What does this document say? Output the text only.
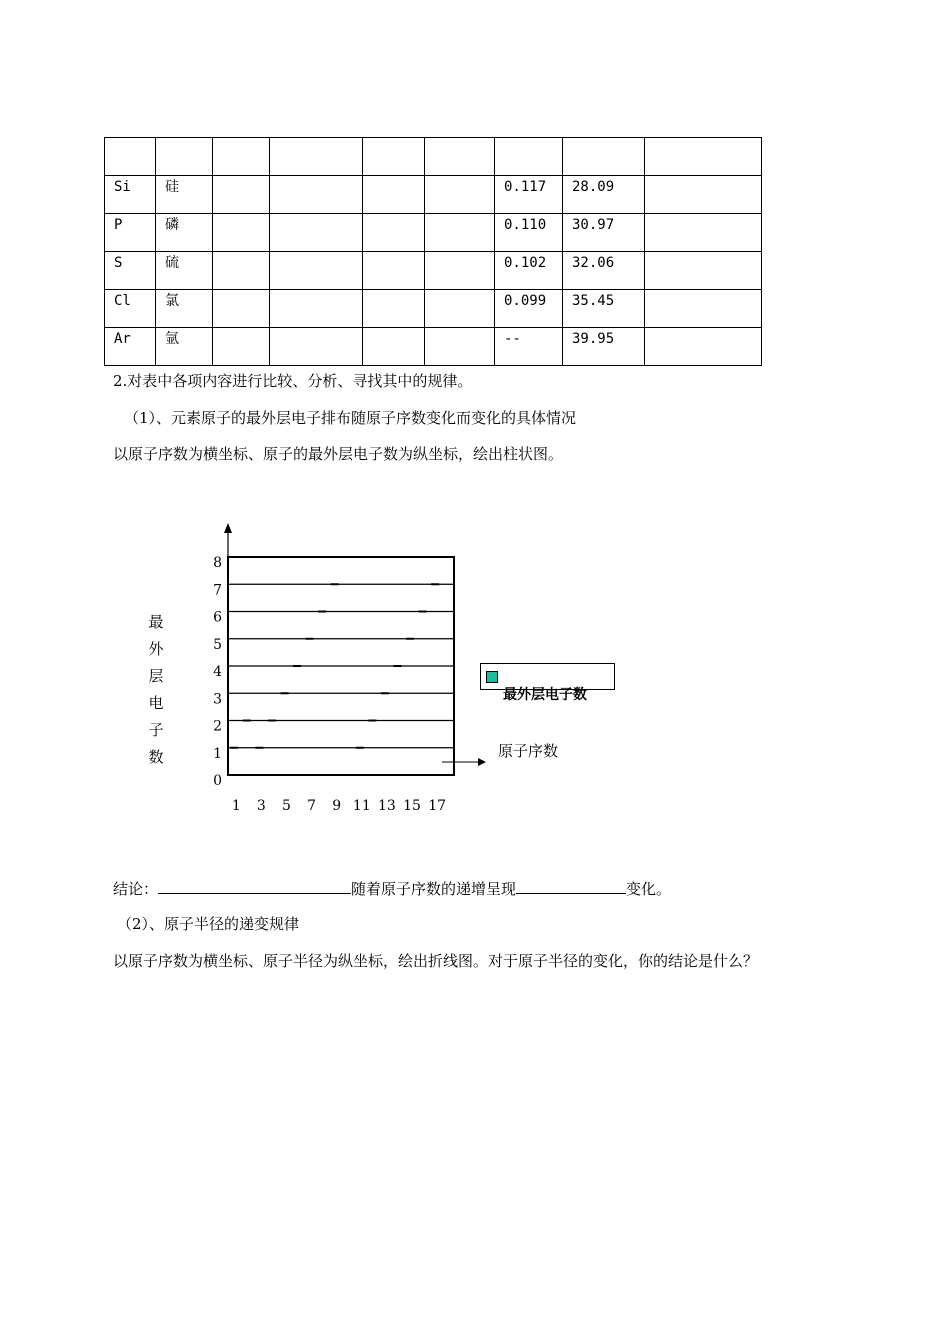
Si	硅					0.117	28.09	
P	磷					0.110	30.97	
S	硫					0.102	32.06	
Cl	氯					0.099	35.45	
Ar	氩					--	39.95	
2.对表中各项内容进行比较、分析、寻找其中的规律。
（1）、元素原子的最外层电子排布随原子序数变化而变化的具体情况
以原子序数为横坐标、原子的最外层电子数为纵坐标，绘出柱状图。
0
1
2
3
4
5
6
7
8
1 3 5 7 9 11 13 15 17
最
外
层
电
子
数	原子序数
最外层电子数
结论：	随着原子序数的递增呈现	变化。
（2）、原子半径的递变规律
以原子序数为横坐标、原子半径为纵坐标，绘出折线图。对于原子半径的变化，你的结论是什么？
